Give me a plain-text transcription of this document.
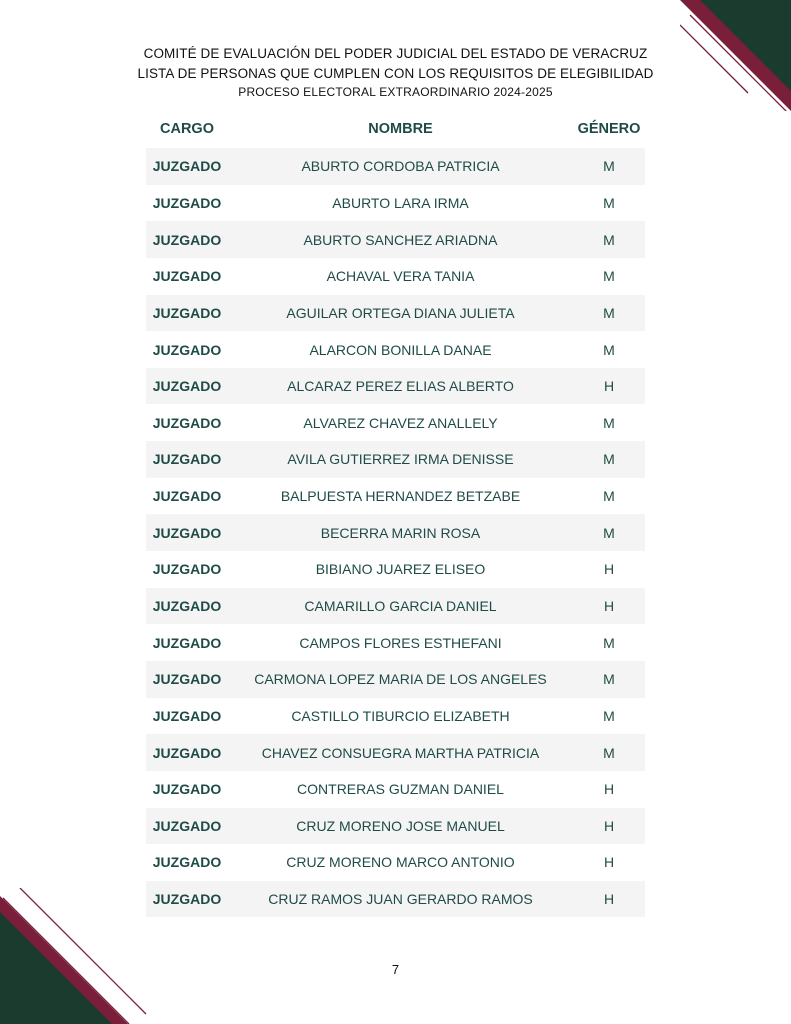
COMITÉ DE EVALUACIÓN DEL PODER JUDICIAL DEL ESTADO DE VERACRUZ
LISTA DE PERSONAS QUE CUMPLEN CON LOS REQUISITOS DE ELEGIBILIDAD
PROCESO ELECTORAL EXTRAORDINARIO 2024-2025
CARGO	NOMBRE	GÉNERO
JUZGADO	ABURTO CORDOBA PATRICIA	M
JUZGADO	ABURTO LARA IRMA	M
JUZGADO	ABURTO SANCHEZ ARIADNA	M
JUZGADO	ACHAVAL VERA TANIA	M
JUZGADO	AGUILAR ORTEGA DIANA JULIETA	M
JUZGADO	ALARCON BONILLA DANAE	M
JUZGADO	ALCARAZ PEREZ ELIAS ALBERTO	H
JUZGADO	ALVAREZ CHAVEZ ANALLELY	M
JUZGADO	AVILA GUTIERREZ IRMA DENISSE	M
JUZGADO	BALPUESTA HERNANDEZ BETZABE	M
JUZGADO	BECERRA MARIN ROSA	M
JUZGADO	BIBIANO JUAREZ ELISEO	H
JUZGADO	CAMARILLO GARCIA DANIEL	H
JUZGADO	CAMPOS FLORES ESTHEFANI	M
JUZGADO	CARMONA LOPEZ MARIA DE LOS ANGELES	M
JUZGADO	CASTILLO TIBURCIO ELIZABETH	M
JUZGADO	CHAVEZ CONSUEGRA MARTHA PATRICIA	M
JUZGADO	CONTRERAS GUZMAN DANIEL	H
JUZGADO	CRUZ MORENO JOSE MANUEL	H
JUZGADO	CRUZ MORENO MARCO ANTONIO	H
JUZGADO	CRUZ RAMOS JUAN GERARDO RAMOS	H
7
